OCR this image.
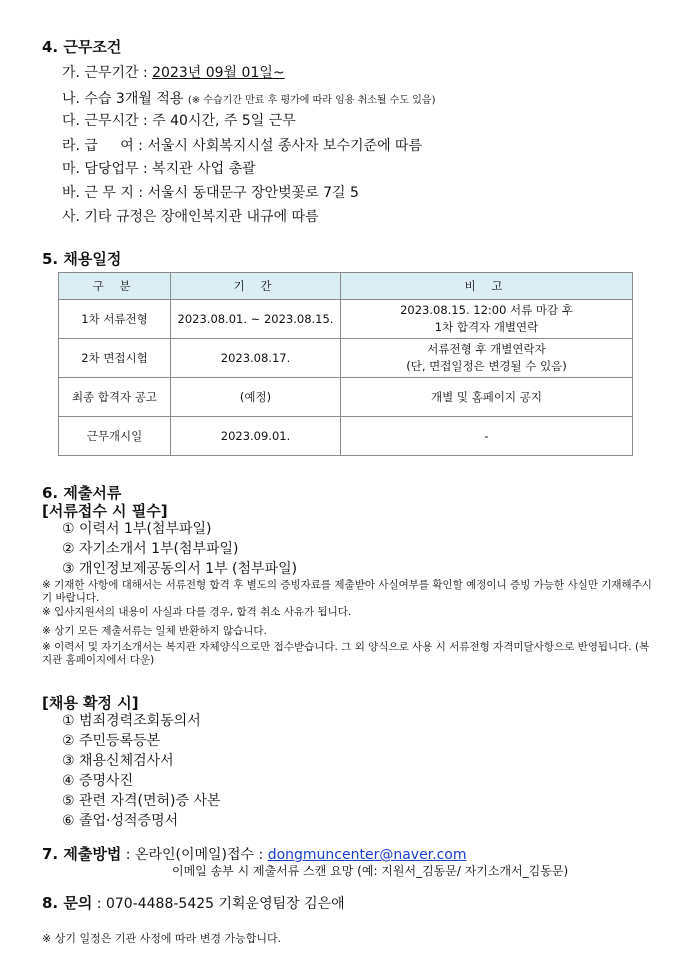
4. 근무조건
가. 근무기간 : 2023년 09월 01일~
나. 수습 3개월 적용 (※ 수습기간 만료 후 평가에 따라 임용 취소될 수도 있음)
다. 근무시간 : 주 40시간, 주 5일 근무
라. 급     여 : 서울시 사회복지시설 종사자 보수기준에 따름
마. 담당업무 : 복지관 사업 총괄
바. 근 무 지 : 서울시 동대문구 장안벚꽃로 7길 5
사. 기타 규정은 장애인복지관 내규에 따름
5. 채용일정
구 분	기 간	비 고
1차 서류전형	2023.08.01. ~ 2023.08.15.	2023.08.15. 12:00 서류 마감 후
1차 합격자 개별연락

2차 면접시험	2023.08.17.	서류전형 후 개별연락자
(단, 면접일정은 변경될 수 있음)

최종 합격자 공고	(예정)	개별 및 홈페이지 공지
근무개시일	2023.09.01.	-
6. 제출서류
[서류접수 시 필수]
① 이력서 1부(첨부파일)
② 자기소개서 1부(첨부파일)
③ 개인정보제공동의서 1부 (첨부파일)
※ 기재한 사항에 대해서는 서류전형 합격 후 별도의 증빙자료를 제출받아 사실여부를 확인할 예정이니 증빙 가능한 사실만 기재해주시기 바랍니다.
※ 입사지원서의 내용이 사실과 다를 경우, 합격 취소 사유가 됩니다.
※ 상기 모든 제출서류는 일체 반환하지 않습니다.
※ 이력서 및 자기소개서는 복지관 자체양식으로만 접수받습니다. 그 외 양식으로 사용 시 서류전형 자격미달사항으로 반영됩니다. (복지관 홈페이지에서 다운)
[채용 확정 시]
① 범죄경력조회동의서
② 주민등록등본
③ 채용신체검사서
④ 증명사진
⑤ 관련 자격(면허)증 사본
⑥ 졸업·성적증명서
7. 제출방법 : 온라인(이메일)접수 : dongmuncenter@naver.com
이메일 송부 시 제출서류 스캔 요망 (예: 지원서_김동문/ 자기소개서_김동문)
8. 문의 : 070-4488-5425 기획운영팀장 김은애
※ 상기 일정은 기관 사정에 따라 변경 가능합니다.
